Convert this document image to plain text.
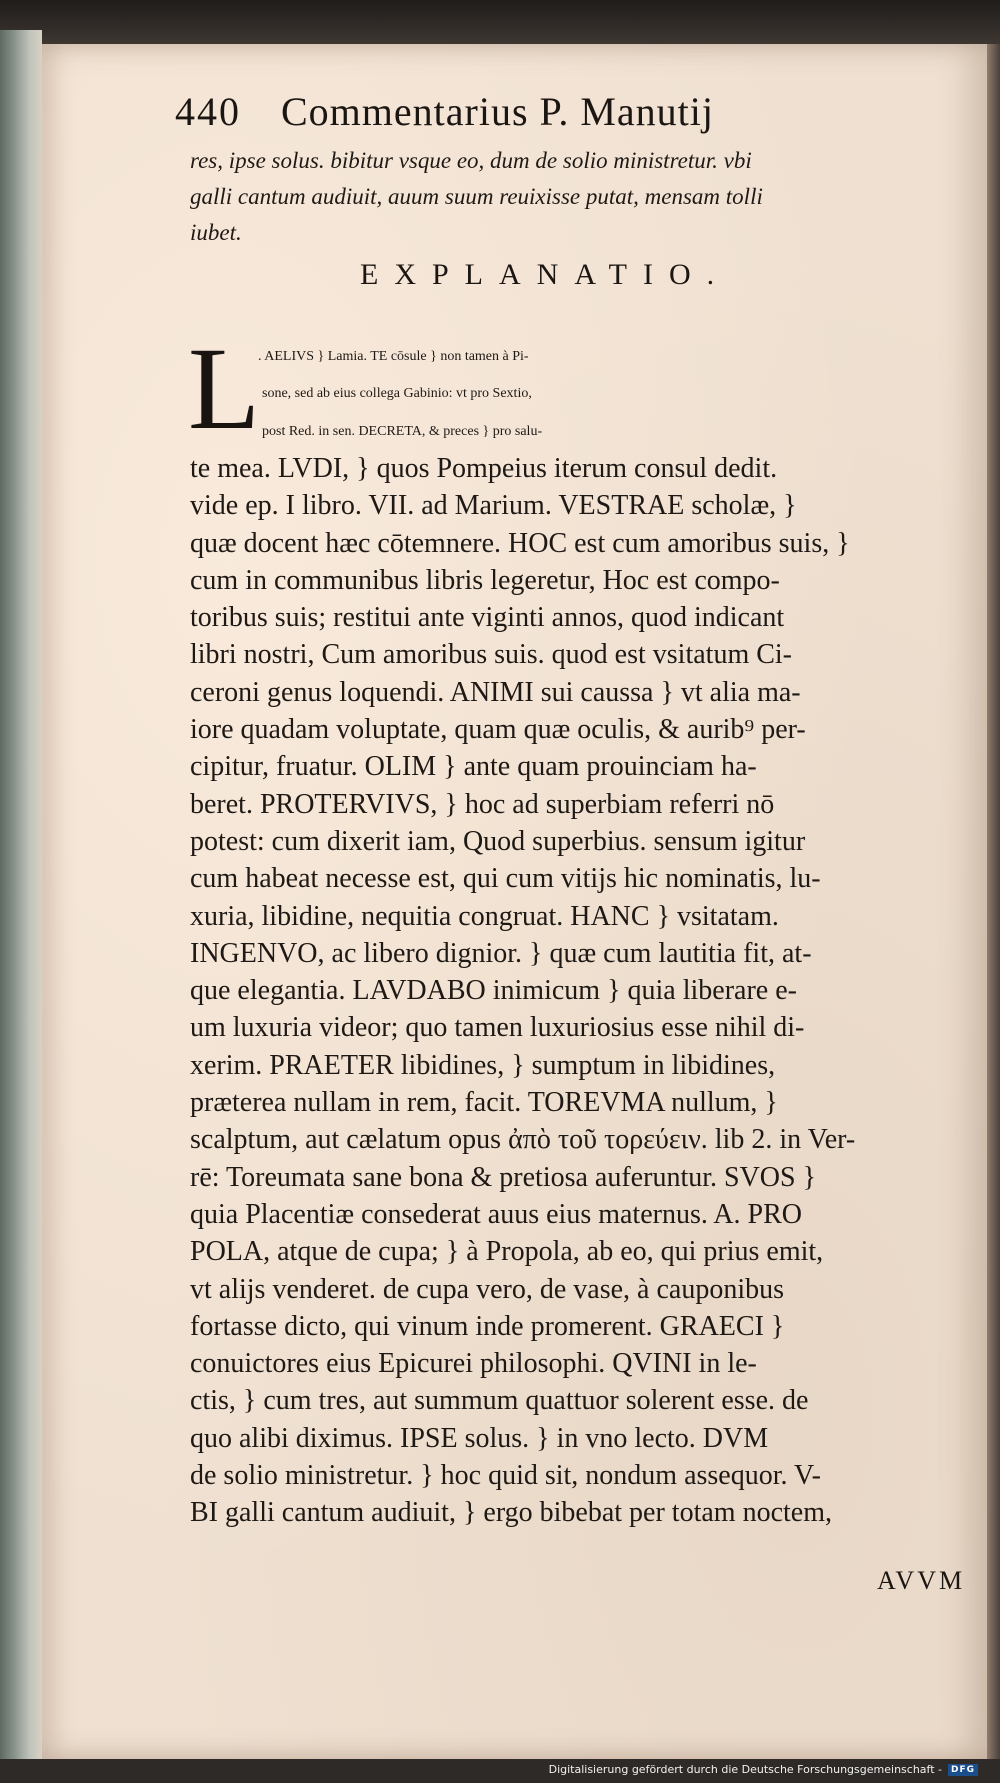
440 Commentarius P. Manutij
res, ipse solus. bibitur vsque eo, dum de solio ministretur. vbi
galli cantum audiuit, auum suum reuixisse putat, mensam tolli
iubet.
EXPLANATIO.
L
. AELIVS } Lamia. TE cōsule } non tamen à Pi-
sone, sed ab eius collega Gabinio: vt pro Sextio,
post Red. in sen. DECRETA, & preces } pro salu-
te mea. LVDI, } quos Pompeius iterum consul dedit.
vide ep. I libro. VII. ad Marium. VESTRAE scholæ, }
quæ docent hæc cōtemnere. HOC est cum amoribus suis, }
cum in communibus libris legeretur, Hoc est compo-
toribus suis; restitui ante viginti annos, quod indicant
libri nostri, Cum amoribus suis. quod est vsitatum Ci-
ceroni genus loquendi. ANIMI sui caussa } vt alia ma-
iore quadam voluptate, quam quæ oculis, & aurib⁹ per-
cipitur, fruatur. OLIM } ante quam prouinciam ha-
beret. PROTERVIVS, } hoc ad superbiam referri nō
potest: cum dixerit iam, Quod superbius. sensum igitur
cum habeat necesse est, qui cum vitijs hic nominatis, lu-
xuria, libidine, nequitia congruat. HANC } vsitatam.
INGENVO, ac libero dignior. } quæ cum lautitia fit, at-
que elegantia. LAVDABO inimicum } quia liberare e-
um luxuria videor; quo tamen luxuriosius esse nihil di-
xerim. PRAETER libidines, } sumptum in libidines,
præterea nullam in rem, facit. TOREVMA nullum, }
scalptum, aut cælatum opus ἀπὸ τοῦ τορεύειν. lib 2. in Ver-
rē: Toreumata sane bona & pretiosa auferuntur. SVOS }
quia Placentiæ consederat auus eius maternus. A. PRO
POLA, atque de cupa; } à Propola, ab eo, qui prius emit,
vt alijs venderet. de cupa vero, de vase, à cauponibus
fortasse dicto, qui vinum inde promerent. GRAECI }
conuictores eius Epicurei philosophi. QVINI in le-
ctis, } cum tres, aut summum quattuor solerent esse. de
quo alibi diximus. IPSE solus. } in vno lecto. DVM
de solio ministretur. } hoc quid sit, nondum assequor. V-
BI galli cantum audiuit, } ergo bibebat per totam noctem,
AVVM
Digitalisierung gefördert durch die Deutsche Forschungsgemeinschaft -	DFG
